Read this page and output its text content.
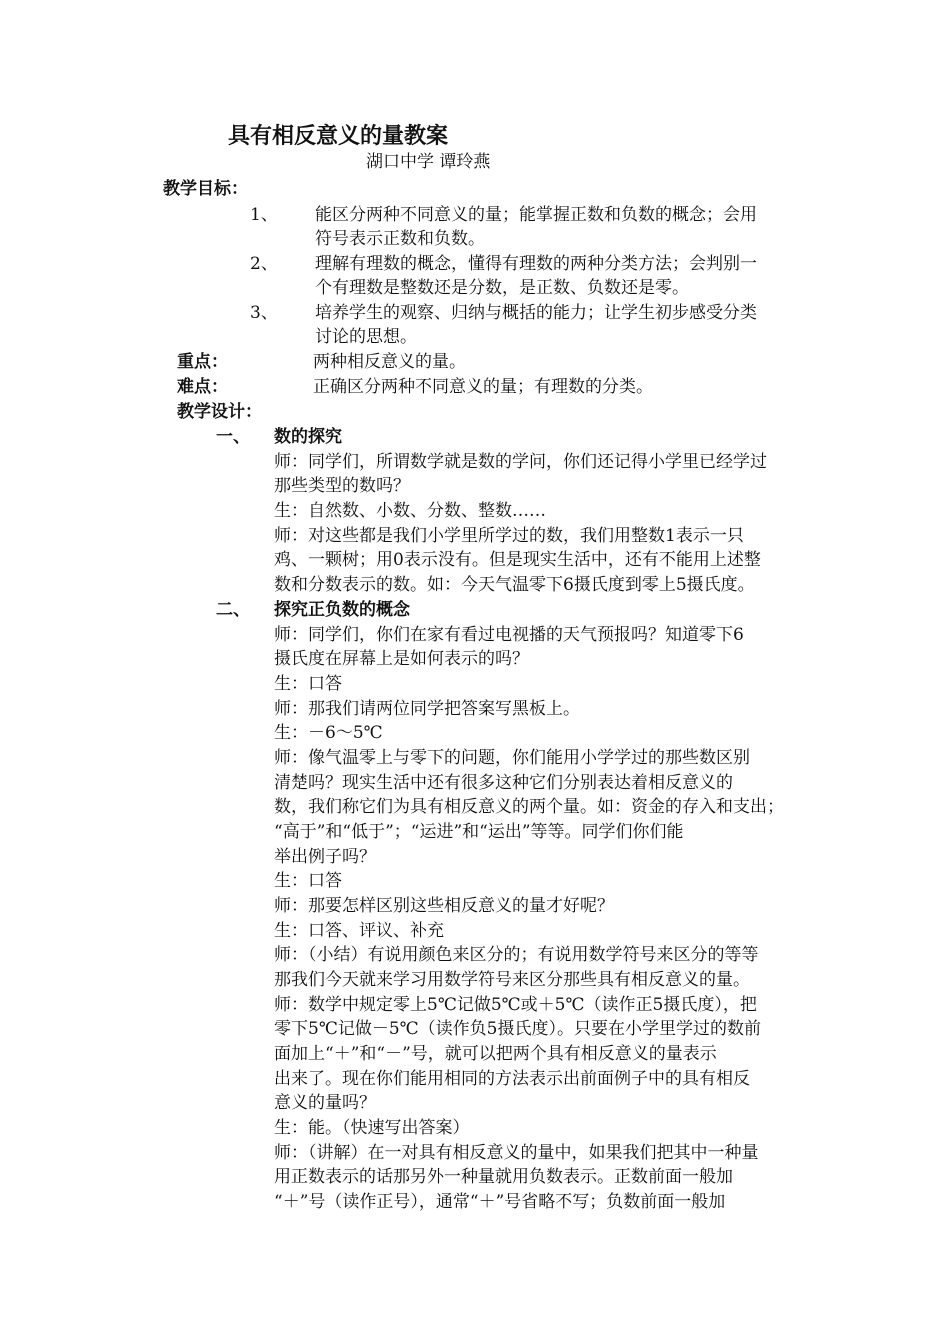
具有相反意义的量教案
湖口中学 谭玲燕
教学目标：
1、 能区分两种不同意义的量；能掌握正数和负数的概念；会用
符号表示正数和负数。
2、 理解有理数的概念，懂得有理数的两种分类方法；会判别一
个有理数是整数还是分数，是正数、负数还是零。
3、 培养学生的观察、归纳与概括的能力；让学生初步感受分类
讨论的思想。
重点：	两种相反意义的量。
难点：	正确区分两种不同意义的量；有理数的分类。
教学设计：
一、 数的探究
师：同学们，所谓数学就是数的学问，你们还记得小学里已经学过
那些类型的数吗？
生：自然数、小数、分数、整数……
师：对这些都是我们小学里所学过的数，我们用整数1表示一只
鸡、一颗树；用0表示没有。但是现实生活中，还有不能用上述整
数和分数表示的数。如：今天气温零下6摄氏度到零上5摄氏度。
二、 探究正负数的概念
师：同学们，你们在家有看过电视播的天气预报吗？知道零下6
摄氏度在屏幕上是如何表示的吗？
生：口答
师：那我们请两位同学把答案写黑板上。
生：－6～5℃
师：像气温零上与零下的问题，你们能用小学学过的那些数区别
清楚吗？现实生活中还有很多这种它们分别表达着相反意义的
数，我们称它们为具有相反意义的两个量。如：资金的存入和支出；
“高于”和“低于”；“运进”和“运出”等等。同学们你们能
举出例子吗？
生：口答
师：那要怎样区别这些相反意义的量才好呢？
生：口答、评议、补充
师：（小结）有说用颜色来区分的；有说用数学符号来区分的等等
那我们今天就来学习用数学符号来区分那些具有相反意义的量。
师：数学中规定零上5℃记做5℃或＋5℃（读作正5摄氏度），把
零下5℃记做－5℃（读作负5摄氏度）。只要在小学里学过的数前
面加上“＋”和“－”号，就可以把两个具有相反意义的量表示
出来了。现在你们能用相同的方法表示出前面例子中的具有相反
意义的量吗？
生：能。（快速写出答案）
师：（讲解）在一对具有相反意义的量中，如果我们把其中一种量
用正数表示的话那另外一种量就用负数表示。正数前面一般加
“＋”号（读作正号），通常“＋”号省略不写；负数前面一般加
